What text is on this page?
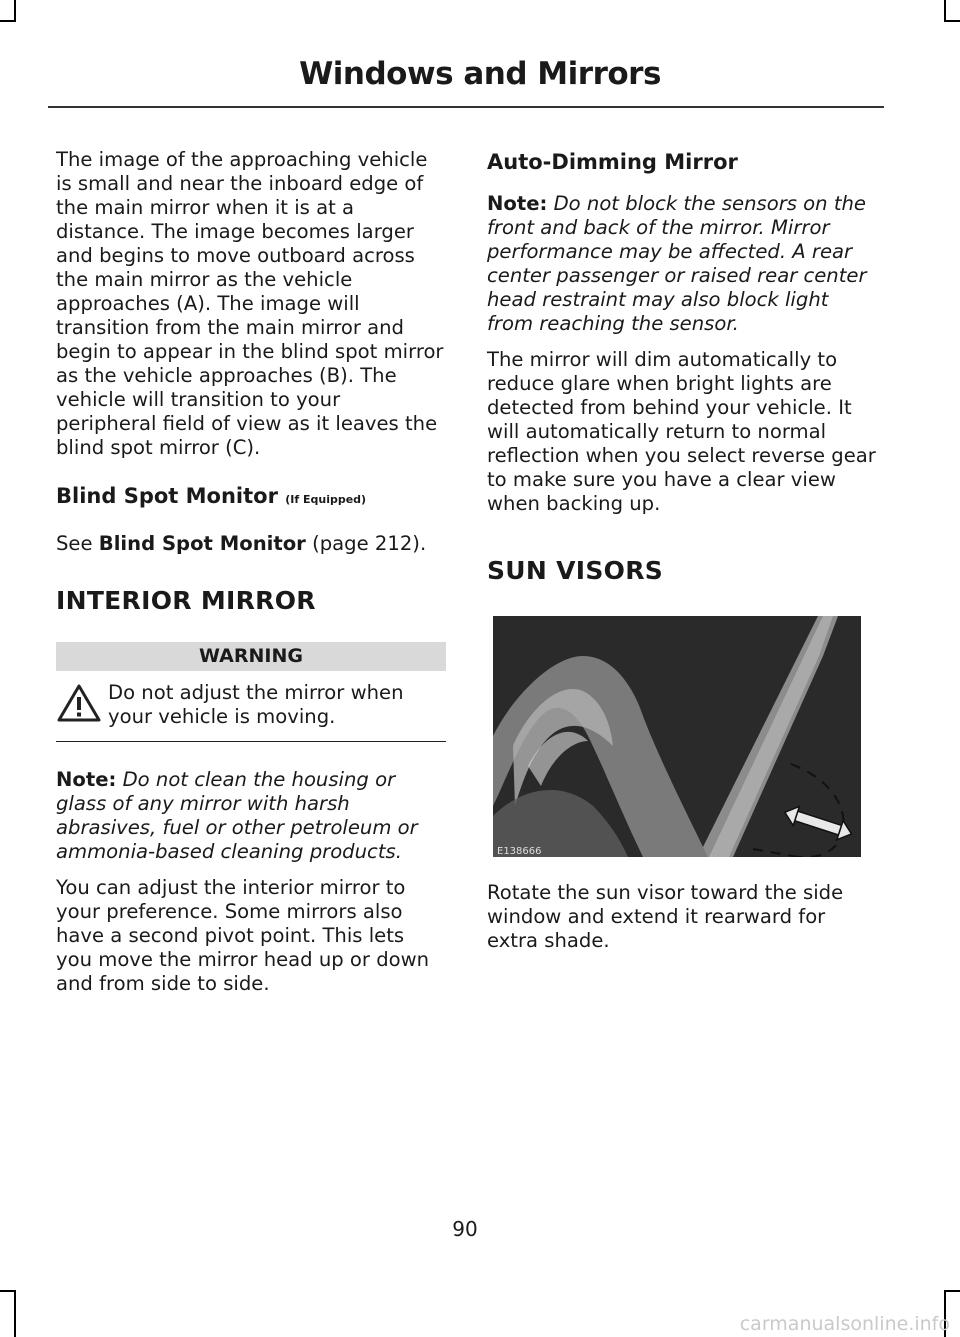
Windows and Mirrors

The image of the approaching vehicle is small and near the inboard edge of the main mirror when it is at a distance. The image becomes larger and begins to move outboard across the main mirror as the vehicle approaches (A). The image will transition from the main mirror and begin to appear in the blind spot mirror as the vehicle approaches (B). The vehicle will transition to your peripheral field of view as it leaves the blind spot mirror (C).

Blind Spot Monitor (If Equipped)

See Blind Spot Monitor (page 212).

INTERIOR MIRROR
WARNING
Do not adjust the mirror when your vehicle is moving.

Note: Do not clean the housing or glass of any mirror with harsh abrasives, fuel or other petroleum or ammonia-based cleaning products.

You can adjust the interior mirror to your preference. Some mirrors also have a second pivot point. This lets you move the mirror head up or down and from side to side.

Auto-Dimming Mirror

Note: Do not block the sensors on the front and back of the mirror. Mirror performance may be affected. A rear center passenger or raised rear center head restraint may also block light from reaching the sensor.

The mirror will dim automatically to reduce glare when bright lights are detected from behind your vehicle. It will automatically return to normal reflection when you select reverse gear to make sure you have a clear view when backing up.

SUN VISORS
E138666

Rotate the sun visor toward the side window and extend it rearward for extra shade.

90
carmanualsonline.info
